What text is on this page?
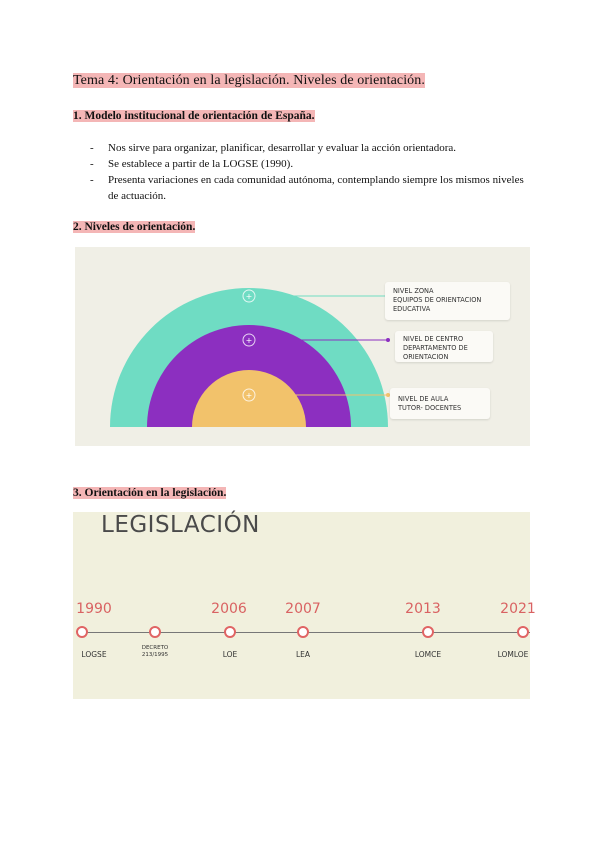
Tema 4: Orientación en la legislación. Niveles de orientación.
1. Modelo institucional de orientación de España.
- Nos sirve para organizar, planificar, desarrollar y evaluar la acción orientadora.
- Se establece a partir de la LOGSE (1990).
- Presenta variaciones en cada comunidad autónoma, contemplando siempre los mismos niveles de actuación.
2. Niveles de orientación.
+
+
+
NIVEL ZONA
EQUIPOS DE ORIENTACION
EDUCATIVA
NIVEL DE CENTRO
DEPARTAMENTO DE
ORIENTACION
NIVEL DE AULA
TUTOR- DOCENTES
3. Orientación en la legislación.
LEGISLACIÓN
1990	2006	2007	2013	2021
LOGSE
DECRETO
213/1995	LOE	LEA	LOMCE	LOMLOE
